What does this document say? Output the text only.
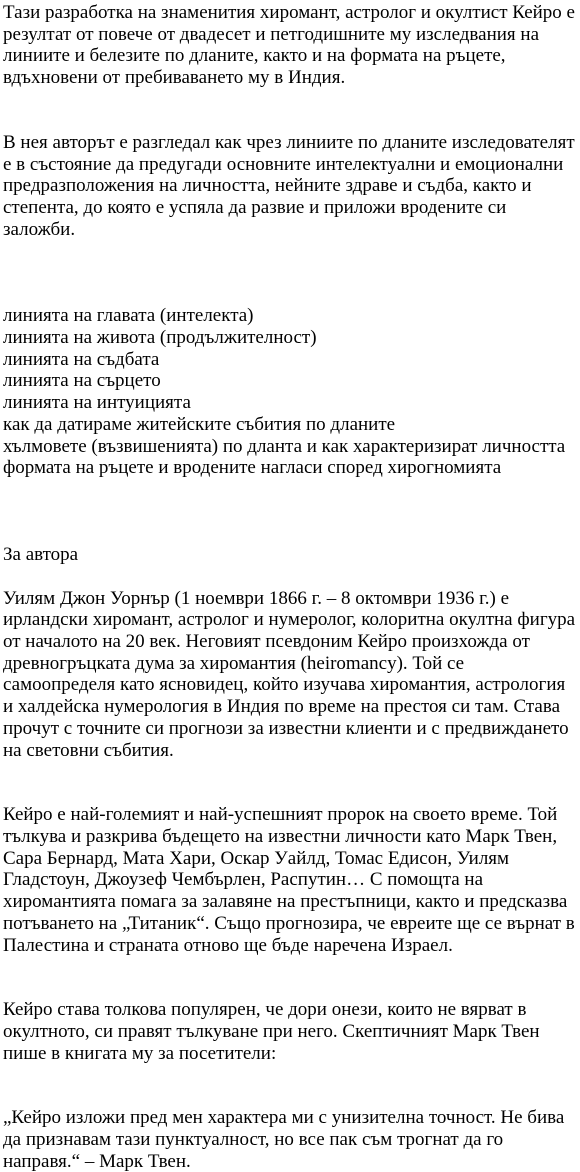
Тази разработка на знаменития хиромант, астролог и окултист Кейро е резултат от повече от двадесет и петгодишните му изследвания на линиите и белезите по дланите, както и на формата на ръцете, вдъхновени от пребиваването му в Индия.

В нея авторът е разгледал как чрез линиите по дланите изследователят е в състояние да предугади основните интелектуални и емоционални предразположения на личността, нейните здраве и съдба, както и степента, до която е успяла да развие и приложи вродените си заложби.

линията на главата (интелекта)

линията на живота (продължителност)

линията на съдбата

линията на сърцето

линията на интуицията

как да датираме житейските събития по дланите

хълмовете (възвишенията) по дланта и как характеризират личността

формата на ръцете и вродените нагласи според хирогномията

За автора

Уилям Джон Уорнър (1 ноември 1866 г. – 8 октомври 1936 г.) е ирландски хиромант, астролог и нумеролог, колоритна окултна фигура от началото на 20 век. Неговият псевдоним Кейро произхожда от древногръцката дума за хиромантия (heiromancy). Той се самоопределя като ясновидец, който изучава хиромантия, астрология и халдейска нумерология в Индия по време на престоя си там. Става прочут с точните си прогнози за известни клиенти и с предвиждането на световни събития.

Кейро е най-големият и най-успешният пророк на своето време. Той тълкува и разкрива бъдещето на известни личности като Марк Твен, Сара Бернард, Мата Хари, Оскар Уайлд, Томас Едисон, Уилям Гладстоун, Джоузеф Чембърлен, Распутин… С помощта на хиромантията помага за залавяне на престъпници, както и предсказва потъването на „Титаник“. Също прогнозира, че евреите ще се върнат в Палестина и страната отново ще бъде наречена Израел.

Кейро става толкова популярен, че дори онези, които не вярват в окултното, си правят тълкуване при него. Скептичният Марк Твен пише в книгата му за посетители:

„Кейро изложи пред мен характера ми с унизителна точност. Не бива да признавам тази пунктуалност, но все пак съм трогнат да го направя.“ – Марк Твен.
